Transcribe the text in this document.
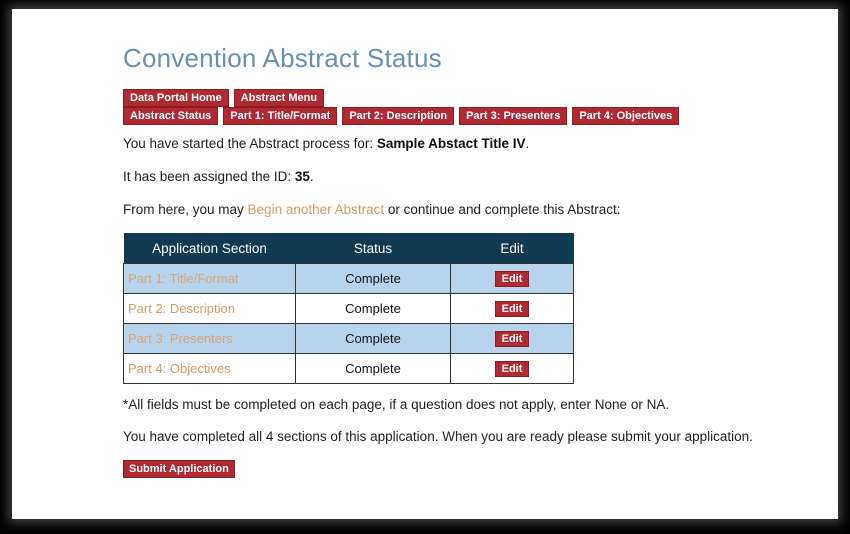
Convention Abstract Status
Data Portal Home	Abstract Menu
Abstract Status	Part 1: Title/Format	Part 2: Description	Part 3: Presenters	Part 4: Objectives
You have started the Abstract process for: Sample Abstact Title IV.
It has been assigned the ID: 35.
From here, you may Begin another Abstract or continue and complete this Abstract:
Application Section	Status	Edit
Part 1: Title/Format	Complete	Edit
Part 2: Description	Complete	Edit
Part 3: Presenters	Complete	Edit
Part 4: Objectives	Complete	Edit
*All fields must be completed on each page, if a question does not apply, enter None or NA.
You have completed all 4 sections of this application. When you are ready please submit your application.
Submit Application
